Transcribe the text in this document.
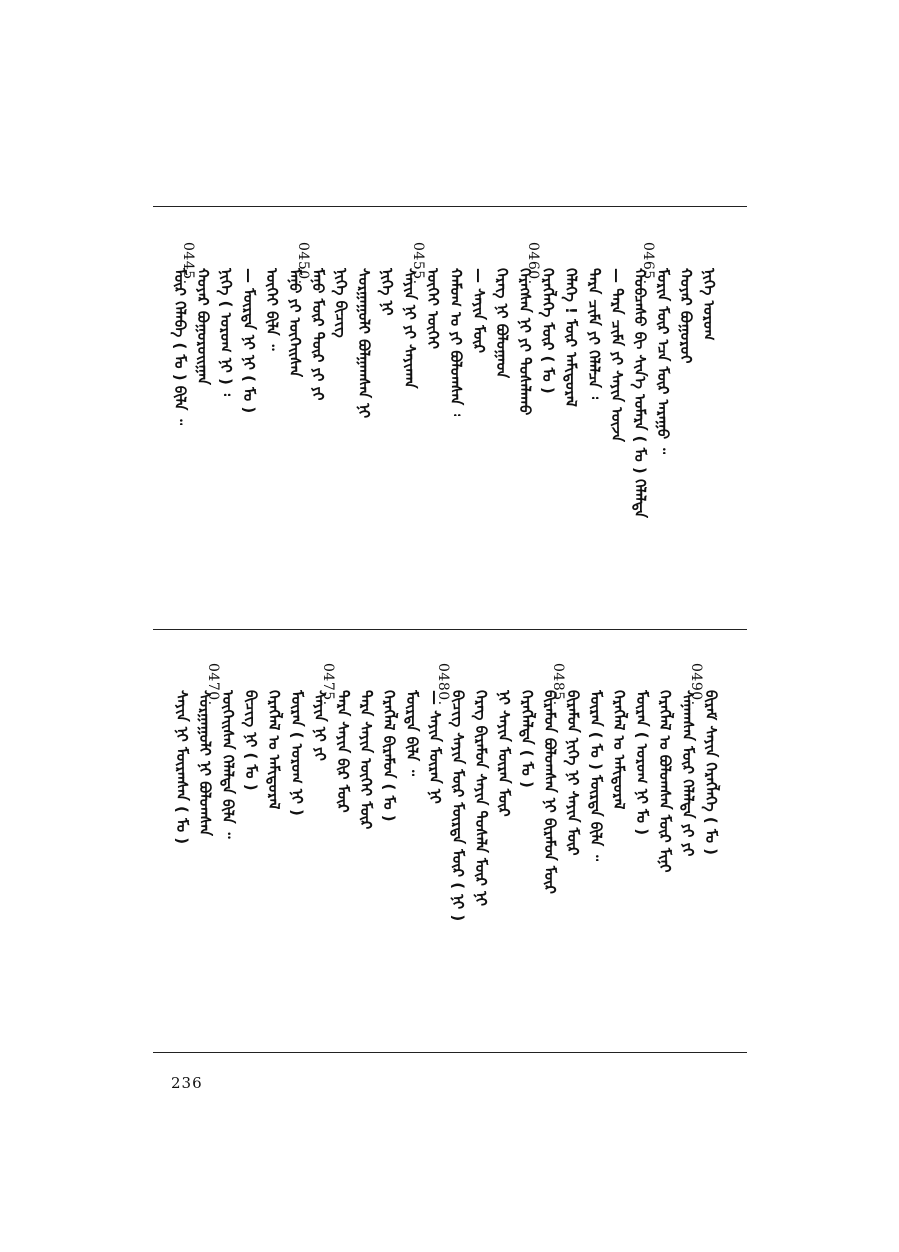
ᠨᠢᠭᠡ ᠤᠷᠤᠭ
ᠬᠤᠶᠠᠷ ᠪᠤᠭᠤᠷᠤᠢ
0465.
ᠮᠤᠷᠢᠨ ᠮᠥᠷ ᠡᠴᠡ ᠮᠥᠷ ᠠᠷᠠᠭᠤ ᠃
ᠬᠤᠪᠴᠠᠰᠤ ᠪᠢ ᠰᠢᠨ᠎ᠡ ᠤᠮᠠᠷᠠ ( ᠮᠤ ) ᠬᠡᠯᠡᠯᠲᠡ
— ᠲᠡᠷᠡ ᠴᠢᠮᠡ ᠶᠢ ᠰᠠᠶᠢᠨ ᠦᠵᠡ
ᠲᠡᠷᠡ ᠴᠢᠮᠡ ᠶᠢ ᠬᠡᠯᠡᠯᠴᠡ ᠄
ᠬᠡᠯᠡᠭᠡ ! ᠮᠥᠷ ᠠᠮᠢᠳᠤᠷᠠᠯ
0460.
ᠬᠡᠷᠡᠭᠯᠡᠭᠡ ᠮᠥᠷ ( ᠮᠤ )
ᠬᠡᠷᠡᠭᠰᠡᠨ ᠨᠢ ᠶᠢ ᠲᠤᠰᠠᠯᠠᠬᠤ
ᠬᠡᠷᠡᠭ ᠨᠢ ᠪᠤᠯᠤᠭᠠᠳ
— ᠰᠠᠶᠢᠨ ᠮᠥᠷ
ᠬᠠᠮᠤᠭ ᠤ ᠶᠢ ᠪᠤᠯᠤᠭᠰᠠᠨ ᠄
0455.
ᠦᠭᠡᠢ ᠦᠭᠡᠢ
ᠰᠠᠶᠢᠨ ᠨᠢ ᠶᠢ ᠰᠠᠶᠢᠬᠠᠨ
ᠨᠢᠭᠡ ᠨᠢ
ᠰᠤᠷᠭᠠᠭᠤᠯᠢ ᠪᠤᠯᠭᠠᠭᠰᠠᠨ ᠨᠢ
ᠨᠢᠭᠡ ᠪᠢᠴᠢᠭ
0450.
ᠮᠠᠨᠤ ᠮᠥᠷ ᠲᠦᠷ ᠶᠢ ᠶᠢ
ᠮᠠᠨᠤ ᠶᠢ ᠦᠭᠡᠢᠰᠠᠨ
ᠦᠭᠡᠢ ᠪᠢᠯᠡ ᠃
— ᠮᠥᠷᠲᠡ ᠨᠢ ᠨᠢ ( ᠮᠤ )
ᠨᠢᠭᠡ ( ᠤᠷᠤᠭ ᠨᠢ ) ᠄
0445.
ᠬᠤᠶᠠᠷ ᠪᠤᠭᠤᠷᠤᠢᠭᠠᠨ
ᠮᠥᠷ ᠬᠡᠯᠡᠪᠡ ( ᠮᠤ ) ᠪᠢᠯᠡ ᠃
0490.
ᠪᠢᠷᠠᠮ ᠰᠠᠶᠢᠨ ᠬᠡᠷᠡᠭᠯᠡᠭᠡ ( ᠮᠤ )
ᠰᠠᠨᠠᠭᠰᠠᠨ ᠮᠥᠷ ᠬᠡᠯᠡᠯᠲᠡ ᠶᠢ ᠶᠢ
ᠬᠡᠷᠡᠭᠯᠡᠯ ᠤ ᠪᠤᠯᠤᠭᠰᠠᠨ ᠮᠥᠷ ᠮᠢᠨᠢ
ᠮᠥᠷᠡᠨ ( ᠤᠷᠤᠭ ᠨᠢ ᠮᠤ )
ᠬᠡᠷᠡᠭᠯᠡᠯ ᠤ ᠠᠮᠢᠳᠤᠷᠠᠯ
ᠮᠥᠷᠡᠨ ( ᠮᠤ ) ᠮᠥᠷᠲᠡ ᠪᠢᠯᠡ ᠃
0485.
ᠪᠢᠷᠠᠮᠤᠨ ᠨᠢᠭᠡ ᠨᠢ ᠰᠠᠶᠢᠨ ᠮᠥᠷ
ᠪᠢᠷᠠᠮᠤᠨ ᠪᠤᠯᠤᠭᠰᠠᠨ ᠨᠢ ᠪᠢᠷᠠᠮᠤᠨ ᠮᠥᠷ
ᠬᠡᠷᠡᠭᠯᠡᠯᠲᠡ ( ᠮᠤ )
ᠨᠢ ᠰᠠᠶᠢᠨ ᠮᠥᠷᠡᠨ ᠮᠥᠷ
ᠬᠡᠷᠡᠭ ᠪᠢᠷᠠᠮᠤᠨ ᠰᠠᠶᠢᠨ ᠲᠤᠰᠠᠯᠠ ᠮᠥᠷ ᠨᠢ
0480.
ᠪᠢᠴᠢᠭ ᠰᠠᠶᠢᠨ ᠮᠥᠷ ᠮᠥᠷᠲᠡ ᠮᠥᠷ ( ᠨᠢ )
— ᠰᠠᠶᠢᠨ ᠮᠥᠷᠡᠨ ᠨᠢ
ᠮᠥᠷᠲᠡ ᠪᠢᠯᠡ ᠃
ᠬᠡᠷᠡᠭᠯᠡᠯ ᠪᠢᠷᠠᠮᠤᠨ ( ᠮᠤ )
ᠲᠡᠷᠡ ᠰᠠᠶᠢᠨ ᠦᠭᠡᠢ ᠮᠥᠷ
0475.
ᠲᠡᠷᠡ ᠰᠠᠶᠢᠨ ᠪᠢᠷ ᠮᠥᠷ
ᠰᠠᠶᠢᠨ ᠨᠢ ᠶᠢ
ᠮᠥᠷᠡᠨ ( ᠤᠷᠤᠭ ᠨᠢ )
ᠬᠡᠷᠡᠭᠯᠡᠯ ᠤ ᠠᠮᠢᠳᠤᠷᠠᠯ
ᠪᠢᠴᠢᠭ ᠨᠢ ( ᠮᠤ )
0470.
ᠦᠭᠡᠢᠰᠡᠨ ᠬᠡᠯᠡᠯᠲᠡ ᠪᠢᠯᠡ ᠃
ᠰᠤᠷᠭᠠᠭᠤᠯᠢ ᠨᠢ ᠪᠤᠯᠤᠭᠰᠠᠨ
ᠰᠠᠶᠢᠨ ᠨᠢ ᠮᠥᠷᠡᠨᠰᠡᠨ ( ᠮᠤ )
236
